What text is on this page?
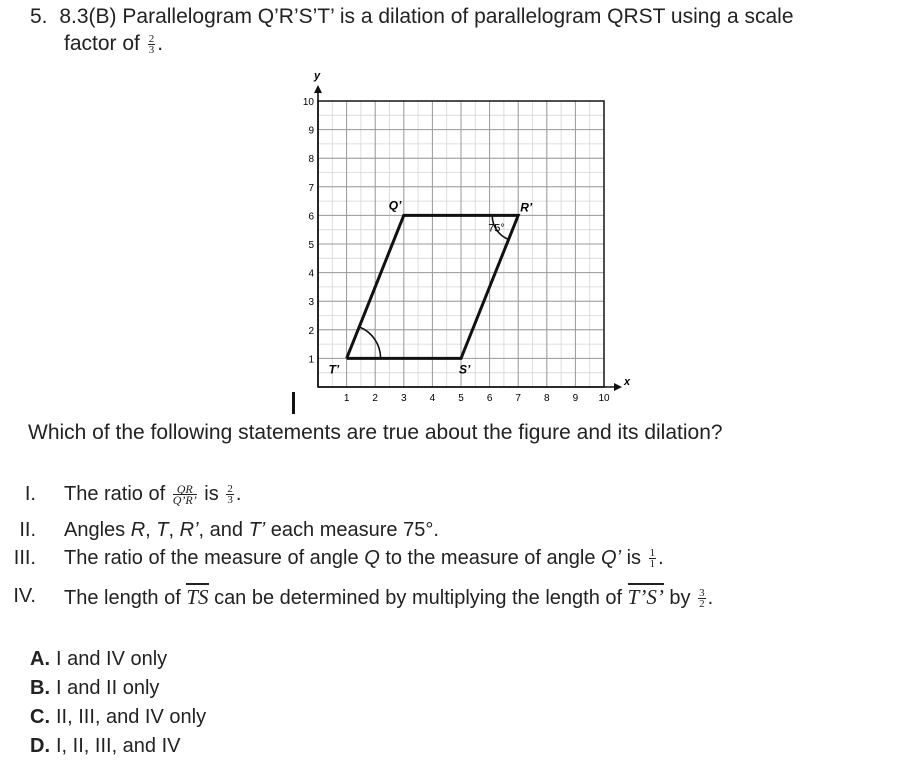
5. 8.3(B) Parallelogram Q’R’S’T’ is a dilation of parallelogram QRST using a scale
factor of $\frac{2}{3}$ .
1 2 3 4 5 6 7 8 9 10
1
2
3
4
5
6
7
8
9
10
Q’	R’
S’
T’
75°
x
y
Which of the following statements are true about the figure and its dilation?
I. The ratio of $\frac{QR}{Q’R’}$ is $\frac{2}{3}$ .
II. Angles R, T, R’, and T’ each measure 75°.
III. The ratio of the measure of angle Q to the measure of angle Q’ is $\frac{1}{1}$ .
IV. The length of TS can be determined by multiplying the length of T’S’ by $\frac{3}{2}$ .
A. I and IV only
B. I and II only
C. II, III, and IV only
D. I, II, III, and IV
